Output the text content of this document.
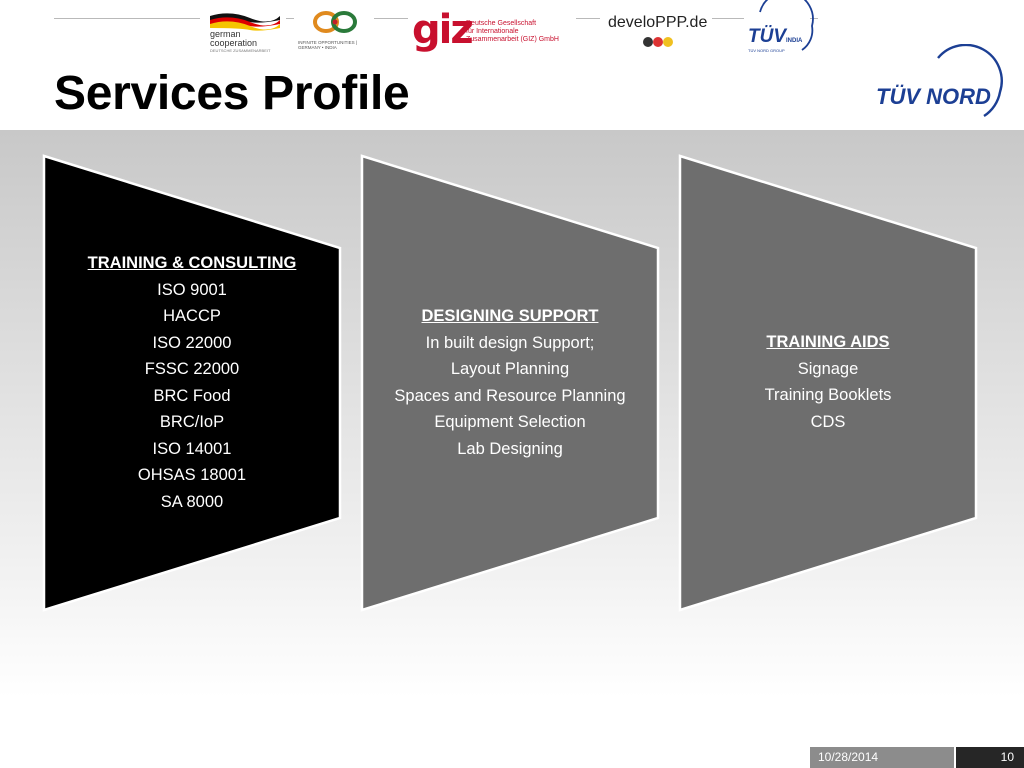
Services Profile	TÜV NORD
TRAINING & CONSULTING
ISO 9001
HACCP
ISO 22000
FSSC 22000
BRC Food
BRC/IoP
ISO 14001
OHSAS 18001
SA 8000
DESIGNING SUPPORT
In built design Support;
Layout Planning
Spaces and Resource Planning
Equipment Selection
Lab Designing
TRAINING AIDS
Signage
Training Booklets
CDS
german
cooperation
DEUTSCHE ZUSAMMENARBEIT
INFINITE OPPORTUNITIES | GERMANY • INDIA	giz
Deutsche Gesellschaft
für Internationale
Zusammenarbeit (GIZ) GmbH
develoPPP.de
TÜV INDIA
TÜV NORD GROUP
10/28/2014	10
